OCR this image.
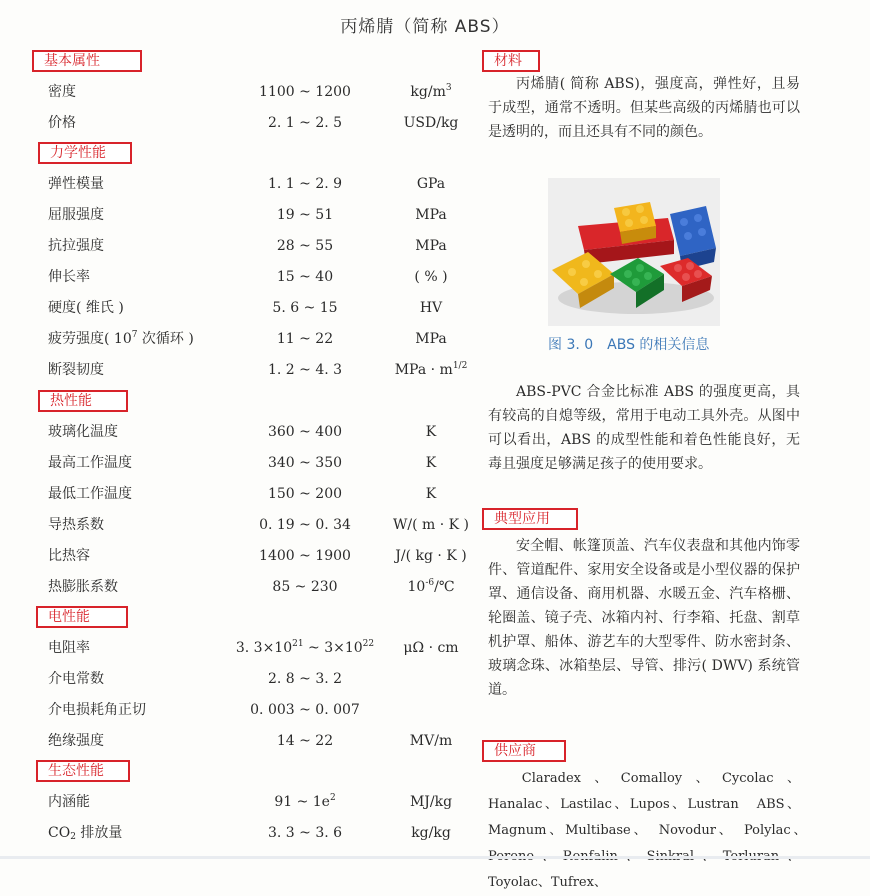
丙烯腈（简称 ABS）
基本属性
密度	1100 ~ 1200	$kg/m^3$
价格	2. 1 ~ 2. 5	USD/kg
力学性能
弹性模量	1. 1 ~ 2. 9	GPa
屈服强度	19 ~ 51	MPa
抗拉强度	28 ~ 55	MPa
伸长率	15 ~ 40	( % )
硬度( 维氏 )	5. 6 ~ 15	HV
疲劳强度( $10^7$ 次循环 )	11 ~ 22	MPa
断裂韧度	1. 2 ~ 4. 3	MPa · $m^{1/2}$
热性能
玻璃化温度	360 ~ 400	K
最高工作温度	340 ~ 350	K
最低工作温度	150 ~ 200	K
导热系数	0. 19 ~ 0. 34	W/( m · K )
比热容	1400 ~ 1900	J/( kg · K )
热膨胀系数	85 ~ 230	$10^{-6}/℃$
电性能
电阻率	3. $3\times 10^{21}$ ~ $3\times 10^{22}$	μΩ · cm
介电常数	2. 8 ~ 3. 2
介电损耗角正切	0. 003 ~ 0. 007
绝缘强度	14 ~ 22	MV/m
生态性能
内涵能	91 ~ $1e^2$	MJ/kg
$CO_2$ 排放量	3. 3 ~ 3. 6	kg/kg
材料
丙烯腈( 简称 ABS)，强度高，弹性好，且易于成型，通常不透明。但某些高级的丙烯腈也可以是透明的，而且还具有不同的颜色。
图 3. 0　ABS 的相关信息
ABS-PVC 合金比标准 ABS 的强度更高，具有较高的自熄等级，常用于电动工具外壳。从图中可以看出，ABS 的成型性能和着色性能良好，无毒且强度足够满足孩子的使用要求。
典型应用
安全帽、帐篷顶盖、汽车仪表盘和其他内饰零件、管道配件、家用安全设备或是小型仪器的保护罩、通信设备、商用机器、水暖五金、汽车格栅、轮圈盖、镜子壳、冰箱内衬、行李箱、托盘、割草机护罩、船体、游艺车的大型零件、防水密封条、玻璃念珠、冰箱垫层、导管、排污( DWV) 系统管道。
供应商
Claradex、Comalloy、Cycolac、Hanalac、Lastilac、Lupos、Lustran　ABS、Magnum、Multibase、　Novodur、　Polylac、　Toyolac、Tufrex、
